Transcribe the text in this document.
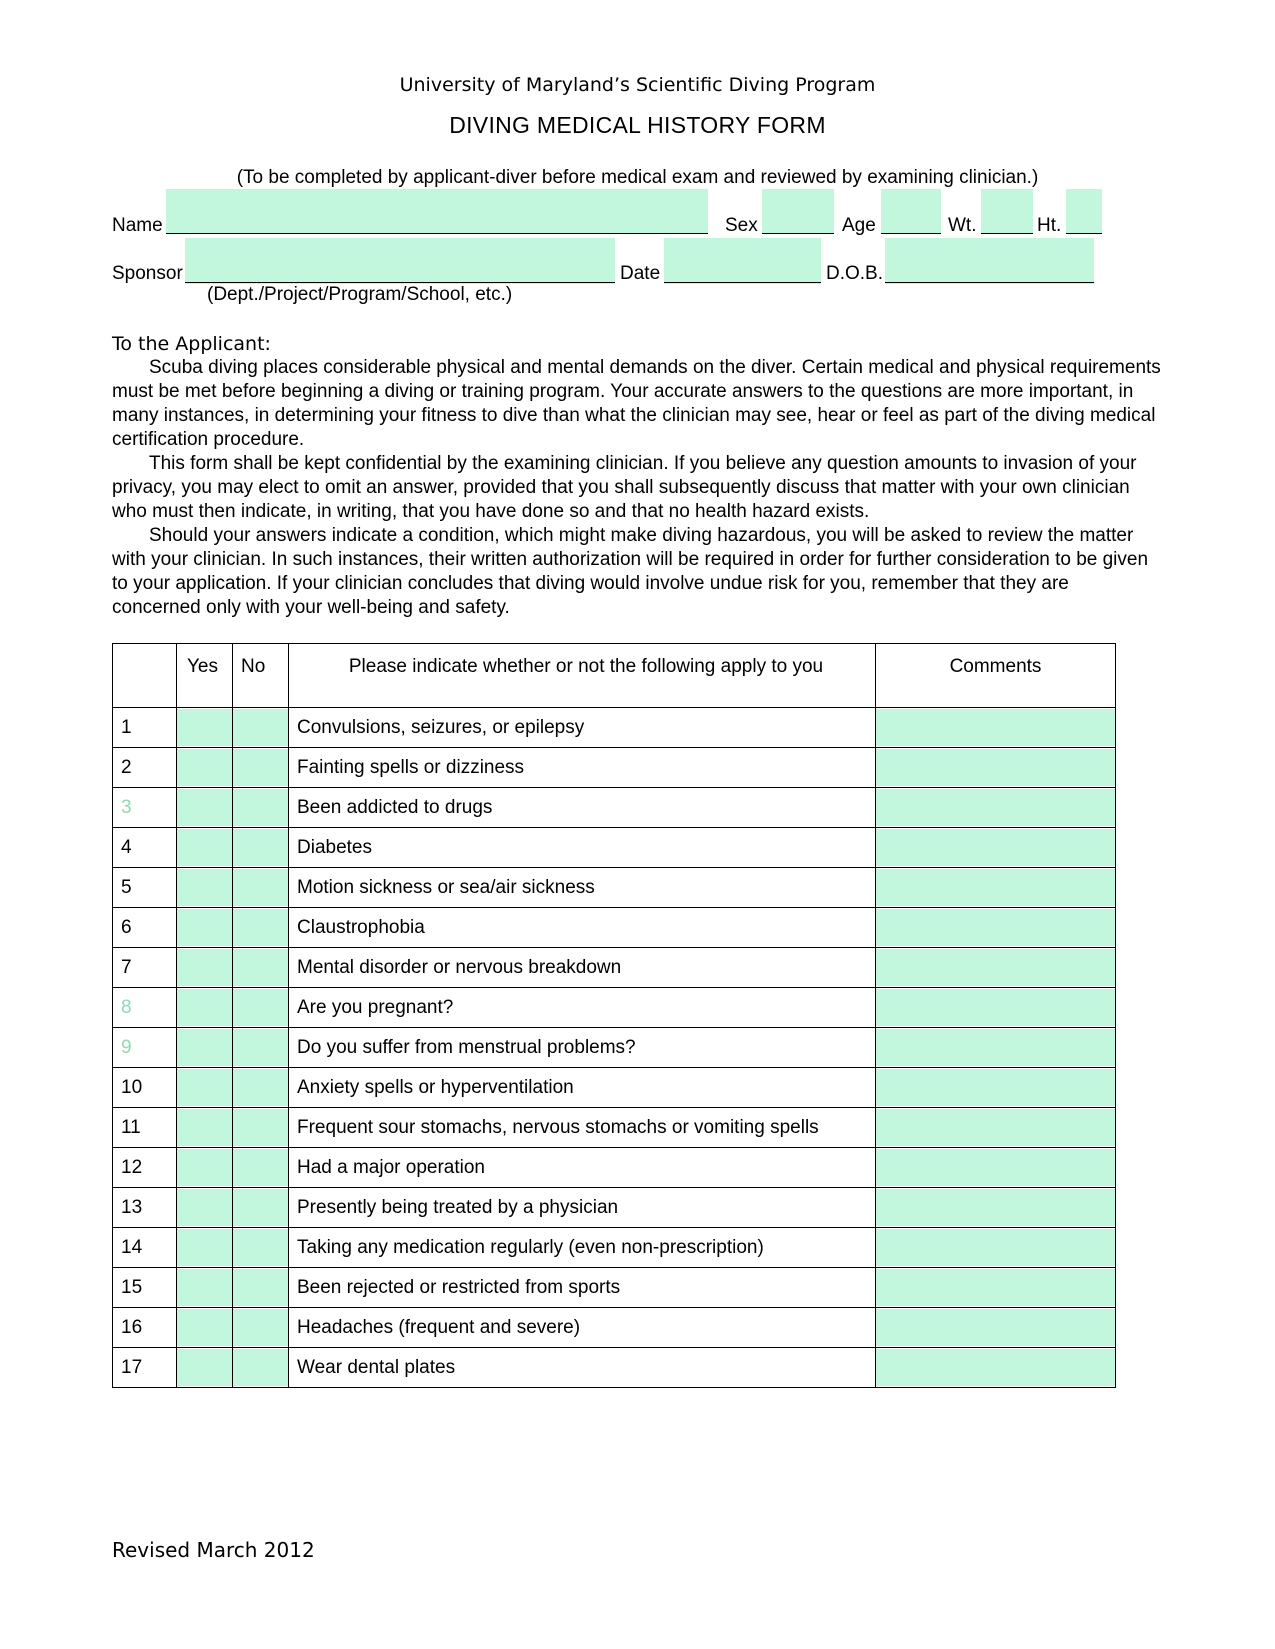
University of Maryland’s Scientific Diving Program
DIVING MEDICAL HISTORY FORM
(To be completed by applicant-diver before medical exam and reviewed by examining clinician.)
Name	Sex	Age	Wt.	Ht.
Sponsor	Date	D.O.B.
(Dept./Project/Program/School, etc.)
To the Applicant:
Scuba diving places considerable physical and mental demands on the diver. Certain medical and physical requirements must be met before beginning a diving or training program. Your accurate answers to the questions are more important, in many instances, in determining your fitness to dive than what the clinician may see, hear or feel as part of the diving medical certification procedure.
This form shall be kept confidential by the examining clinician. If you believe any question amounts to invasion of your privacy, you may elect to omit an answer, provided that you shall subsequently discuss that matter with your own clinician who must then indicate, in writing, that you have done so and that no health hazard exists.
Should your answers indicate a condition, which might make diving hazardous, you will be asked to review the matter with your clinician. In such instances, their written authorization will be required in order for further consideration to be given to your application. If your clinician concludes that diving would involve undue risk for you, remember that they are concerned only with your well-being and safety.

	Yes	No	Please indicate whether or not the following apply to you	Comments

1			Convulsions, seizures, or epilepsy	

2			Fainting spells or dizziness	

3			Been addicted to drugs	

4			Diabetes	

5			Motion sickness or sea/air sickness	

6			Claustrophobia	

7			Mental disorder or nervous breakdown	

8			Are you pregnant?	

9			Do you suffer from menstrual problems?	

10			Anxiety spells or hyperventilation	

11			Frequent sour stomachs, nervous stomachs or vomiting spells	

12			Had a major operation	

13			Presently being treated by a physician	

14			Taking any medication regularly (even non-prescription)	

15			Been rejected or restricted from sports	

16			Headaches (frequent and severe)	

17			Wear dental plates	
Revised March 2012
